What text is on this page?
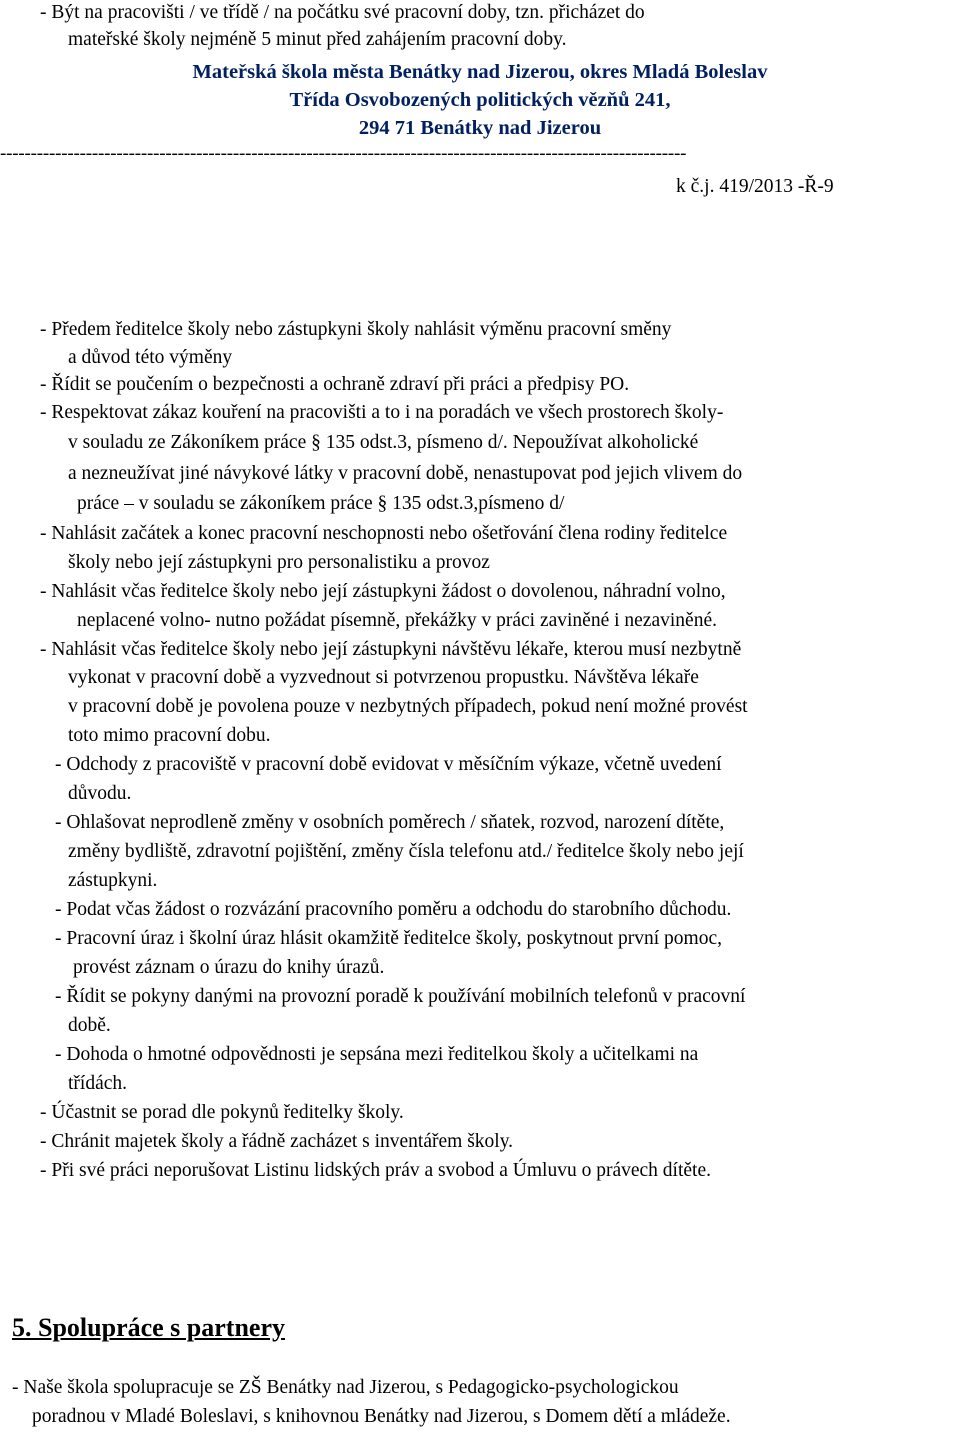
- Být na pracovišti / ve třídě / na počátku své pracovní doby, tzn. přicházet do
mateřské školy nejméně 5 minut před zahájením pracovní doby.
Mateřská škola města Benátky nad Jizerou, okres Mladá Boleslav
Třída Osvobozených politických vězňů 241,
294 71 Benátky nad Jizerou
----------------------------------------------------------------------------------------------------------------
k č.j. 419/2013 -Ř-9
- Předem ředitelce školy nebo zástupkyni školy nahlásit výměnu pracovní směny
a důvod této výměny
- Řídit se poučením o bezpečnosti a ochraně zdraví při práci a předpisy PO.
- Respektovat zákaz kouření na pracovišti a to i na poradách ve všech prostorech školy-
v souladu ze Zákoníkem práce § 135 odst.3, písmeno d/. Nepoužívat alkoholické
a nezneužívat jiné návykové látky v pracovní době, nenastupovat pod jejich vlivem do
práce – v souladu se zákoníkem práce § 135 odst.3,písmeno d/
- Nahlásit začátek a konec pracovní neschopnosti nebo ošetřování člena rodiny ředitelce
školy nebo její zástupkyni pro personalistiku a provoz
- Nahlásit včas ředitelce školy nebo její zástupkyni žádost o dovolenou, náhradní volno,
neplacené volno- nutno požádat písemně, překážky v práci zaviněné i nezaviněné.
- Nahlásit včas ředitelce školy nebo její zástupkyni návštěvu lékaře, kterou musí nezbytně
vykonat v pracovní době a vyzvednout si potvrzenou propustku. Návštěva lékaře
v pracovní době je povolena pouze v nezbytných případech, pokud není možné provést
toto mimo pracovní dobu.
- Odchody z pracoviště v pracovní době evidovat v měsíčním výkaze, včetně uvedení
důvodu.
- Ohlašovat neprodleně změny v osobních poměrech / sňatek, rozvod, narození dítěte,
změny bydliště, zdravotní pojištění, změny čísla telefonu atd./ ředitelce školy nebo její
zástupkyni.
- Podat včas žádost o rozvázání pracovního poměru a odchodu do starobního důchodu.
- Pracovní úraz i školní úraz hlásit okamžitě ředitelce školy, poskytnout první pomoc,
provést záznam o úrazu do knihy úrazů.
- Řídit se pokyny danými na provozní poradě k používání mobilních telefonů v pracovní
době.
- Dohoda o hmotné odpovědnosti je sepsána mezi ředitelkou školy a učitelkami na
třídách.
- Účastnit se porad dle pokynů ředitelky školy.
- Chránit majetek školy a řádně zacházet s inventářem školy.
- Při své práci neporušovat Listinu lidských práv a svobod a Úmluvu o právech dítěte.
5. Spolupráce s partnery
- Naše škola spolupracuje se ZŠ Benátky nad Jizerou, s Pedagogicko-psychologickou
poradnou v Mladé Boleslavi, s knihovnou Benátky nad Jizerou, s Domem dětí a mládeže.
